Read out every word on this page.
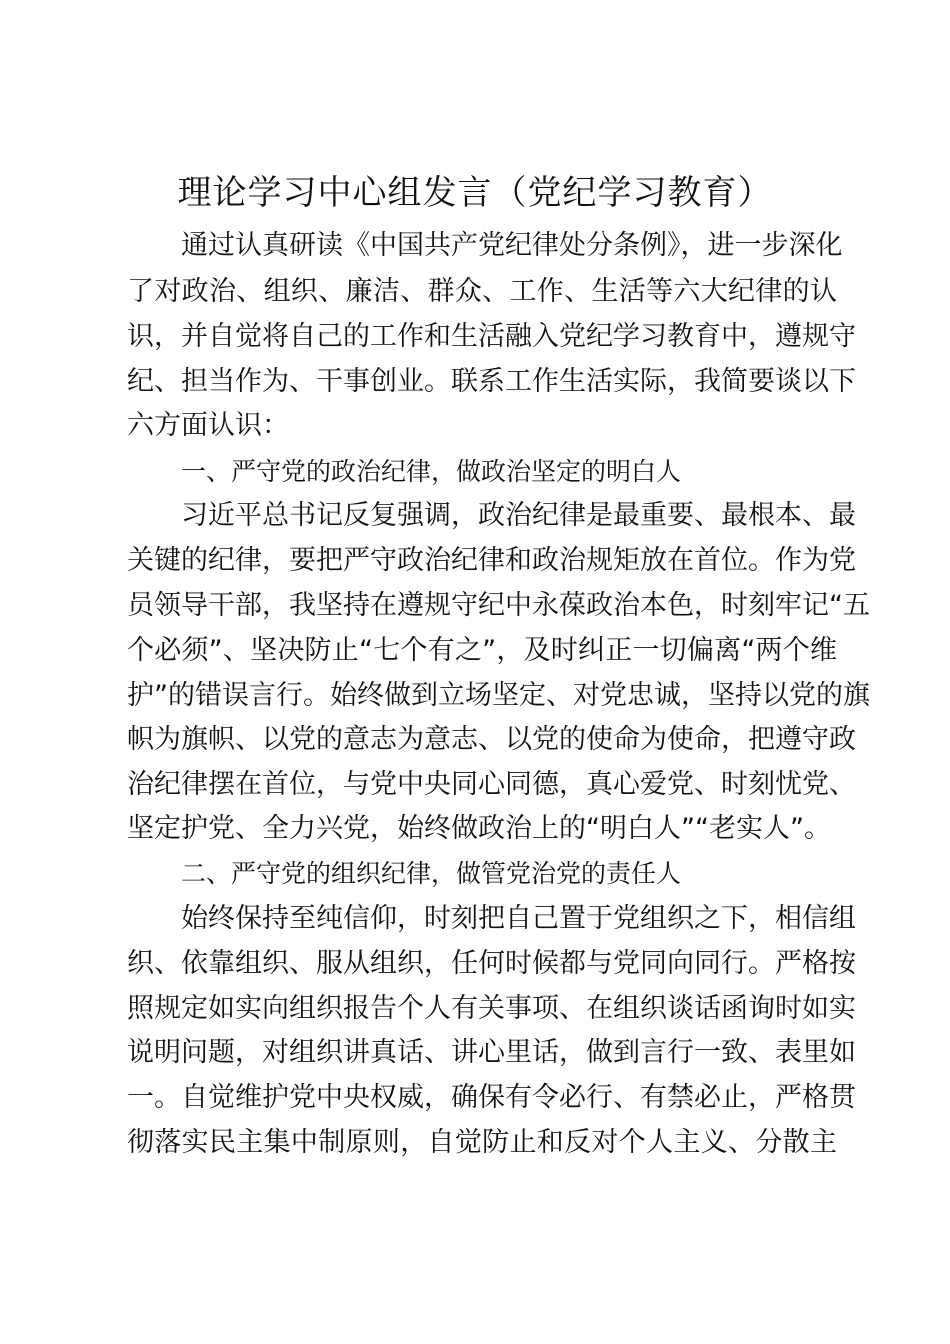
理论学习中心组发言（党纪学习教育）
通过认真研读《中国共产党纪律处分条例》，进一步深化
了对政治、组织、廉洁、群众、工作、生活等六大纪律的认
识，并自觉将自己的工作和生活融入党纪学习教育中，遵规守
纪、担当作为、干事创业。联系工作生活实际，我简要谈以下
六方面认识：
一、严守党的政治纪律，做政治坚定的明白人
习近平总书记反复强调，政治纪律是最重要、最根本、最
关键的纪律，要把严守政治纪律和政治规矩放在首位。作为党
员领导干部，我坚持在遵规守纪中永葆政治本色，时刻牢记“五
个必须”、坚决防止“七个有之”，及时纠正一切偏离“两个维
护”的错误言行。始终做到立场坚定、对党忠诚，坚持以党的旗
帜为旗帜、以党的意志为意志、以党的使命为使命，把遵守政
治纪律摆在首位，与党中央同心同德，真心爱党、时刻忧党、
坚定护党、全力兴党，始终做政治上的“明白人”“老实人”。
二、严守党的组织纪律，做管党治党的责任人
始终保持至纯信仰，时刻把自己置于党组织之下，相信组
织、依靠组织、服从组织，任何时候都与党同向同行。严格按
照规定如实向组织报告个人有关事项、在组织谈话函询时如实
说明问题，对组织讲真话、讲心里话，做到言行一致、表里如
一。自觉维护党中央权威，确保有令必行、有禁必止，严格贯
彻落实民主集中制原则，自觉防止和反对个人主义、分散主
